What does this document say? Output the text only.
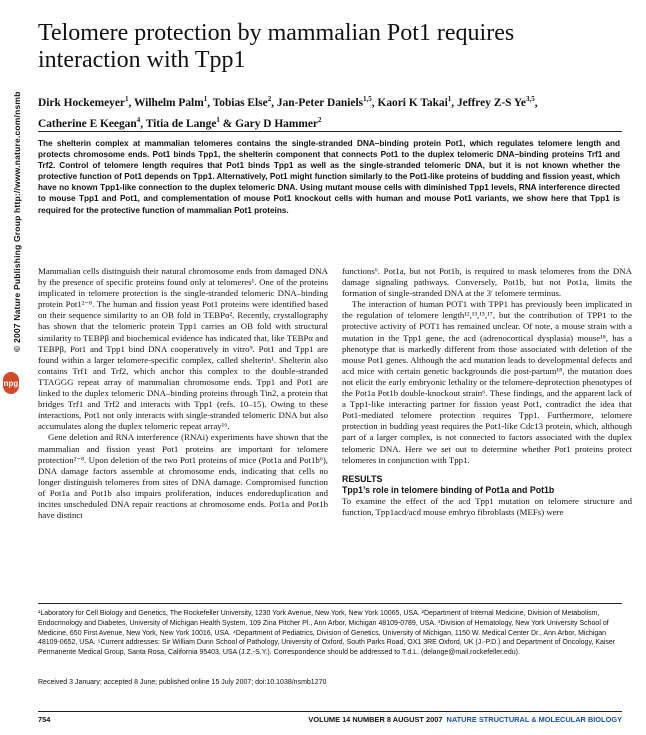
© 2007 Nature Publishing Group http://www.nature.com/nsmb
npg
Telomere protection by mammalian Pot1 requires interaction with Tpp1
Dirk Hockemeyer$^1$, Wilhelm Palm$^1$, Tobias Else$^2$, Jan-Peter Daniels$^{1,5}$, Kaori K Takai$^1$, Jeffrey Z-S Ye$^{3,5}$,
Catherine E Keegan$^4$, Titia de Lange$^1$ & Gary D Hammer$^2$
The shelterin complex at mammalian telomeres contains the single-stranded DNA–binding protein Pot1, which regulates telomere length and protects chromosome ends. Pot1 binds Tpp1, the shelterin component that connects Pot1 to the duplex telomeric DNA–binding proteins Trf1 and Trf2. Control of telomere length requires that Pot1 binds Tpp1 as well as the single-stranded telomeric DNA, but it is not known whether the protective function of Pot1 depends on Tpp1. Alternatively, Pot1 might function similarly to the Pot1-like proteins of budding and fission yeast, which have no known Tpp1-like connection to the duplex telomeric DNA. Using mutant mouse cells with diminished Tpp1 levels, RNA interference directed to mouse Tpp1 and Pot1, and complementation of mouse Pot1 knockout cells with human and mouse Pot1 variants, we show here that Tpp1 is required for the protective function of mammalian Pot1 proteins.

Mammalian cells distinguish their natural chromosome ends from damaged DNA by the presence of specific proteins found only at telomeres¹. One of the proteins implicated in telomere protection is the single-stranded telomeric DNA–binding protein Pot1²⁻⁸. The human and fission yeast Pot1 proteins were identified based on their sequence similarity to an OB fold in TEBPα². Recently, crystallography has shown that the telomeric protein Tpp1 carries an OB fold with structural similarity to TEBPβ and biochemical evidence has indicated that, like TEBPα and TEBPβ, Pot1 and Tpp1 bind DNA cooperatively in vitro⁹. Pot1 and Tpp1 are found within a larger telomere-specific complex, called shelterin¹. Shelterin also contains Trf1 and Trf2, which anchor this complex to the double-stranded TTAGGG repeat array of mammalian chromosome ends. Tpp1 and Pot1 are linked to the duplex telomeric DNA–binding proteins through Tin2, a protein that bridges Trf1 and Trf2 and interacts with Tpp1 (refs. 10–15). Owing to these interactions, Pot1 not only interacts with single-stranded telomeric DNA but also accumulates along the duplex telomeric repeat array¹⁶.

Gene deletion and RNA interference (RNAi) experiments have shown that the mammalian and fission yeast Pot1 proteins are important for telomere protection²⁻⁸. Upon deletion of the two Pot1 proteins of mice (Pot1a and Pot1b⁶), DNA damage factors assemble at chromosome ends, indicating that cells no longer distinguish telomeres from sites of DNA damage. Compromised function of Pot1a and Pot1b also impairs proliferation, induces endoreduplication and incites unscheduled DNA repair reactions at chromosome ends. Pot1a and Pot1b have distinct

functions⁶. Pot1a, but not Pot1b, is required to mask telomeres from the DNA damage signaling pathways. Conversely, Pot1b, but not Pot1a, limits the formation of single-stranded DNA at the 3′ telomere terminus.

The interaction of human POT1 with TPP1 has previously been implicated in the regulation of telomere length¹²,¹³,¹⁵,¹⁷, but the contribution of TPP1 to the protective activity of POT1 has remained unclear. Of note, a mouse strain with a mutation in the Tpp1 gene, the acd (adrenocortical dysplasia) mouse¹⁸, has a phenotype that is markedly different from those associated with deletion of the mouse Pot1 genes. Although the acd mutation leads to developmental defects and acd mice with certain genetic backgrounds die post-partum¹⁸, the mutation does not elicit the early embryonic lethality or the telomere-deprotection phenotypes of the Pot1a Pot1b double-knockout strain⁶. These findings, and the apparent lack of a Tpp1-like interacting partner for fission yeast Pot1, contradict the idea that Pot1-mediated telomere protection requires Tpp1. Furthermore, telomere protection in budding yeast requires the Pot1-like Cdc13 protein, which, although part of a larger complex, is not connected to factors associated with the duplex telomeric DNA. Here we set out to determine whether Pot1 proteins protect telomeres in conjunction with Tpp1.

RESULTS

Tpp1’s role in telomere binding of Pot1a and Pot1b

To examine the effect of the acd Tpp1 mutation on telomere structure and function, Tpp1acd/acd mouse embryo fibroblasts (MEFs) were

¹Laboratory for Cell Biology and Genetics, The Rockefeller University, 1230 York Avenue, New York, New York 10065, USA. ²Department of Internal Medicine, Division of Metabolism, Endocrinology and Diabetes, University of Michigan Health System, 109 Zina Pitcher Pl., Ann Arbor, Michigan 48109-0789, USA. ³Division of Hematology, New York University School of Medicine, 650 First Avenue, New York, New York 10016, USA. ⁴Department of Pediatrics, Division of Genetics, University of Michigan, 1150 W. Medical Center Dr., Ann Arbor, Michigan 48109-0652, USA. ⁵Current addresses: Sir William Dunn School of Pathology, University of Oxford, South Parks Road, OX1 3RE Oxford, UK (J.-P.D.) and Department of Oncology, Kaiser Permanente Medical Group, Santa Rosa, California 95403, USA (J.Z.-S.Y.). Correspondence should be addressed to T.d.L. (delange@mail.rockefeller.edu).
Received 3 January; accepted 8 June; published online 15 July 2007; doi:10.1038/nsmb1270
754	VOLUME 14 NUMBER 8 AUGUST 2007 NATURE STRUCTURAL & MOLECULAR BIOLOGY
